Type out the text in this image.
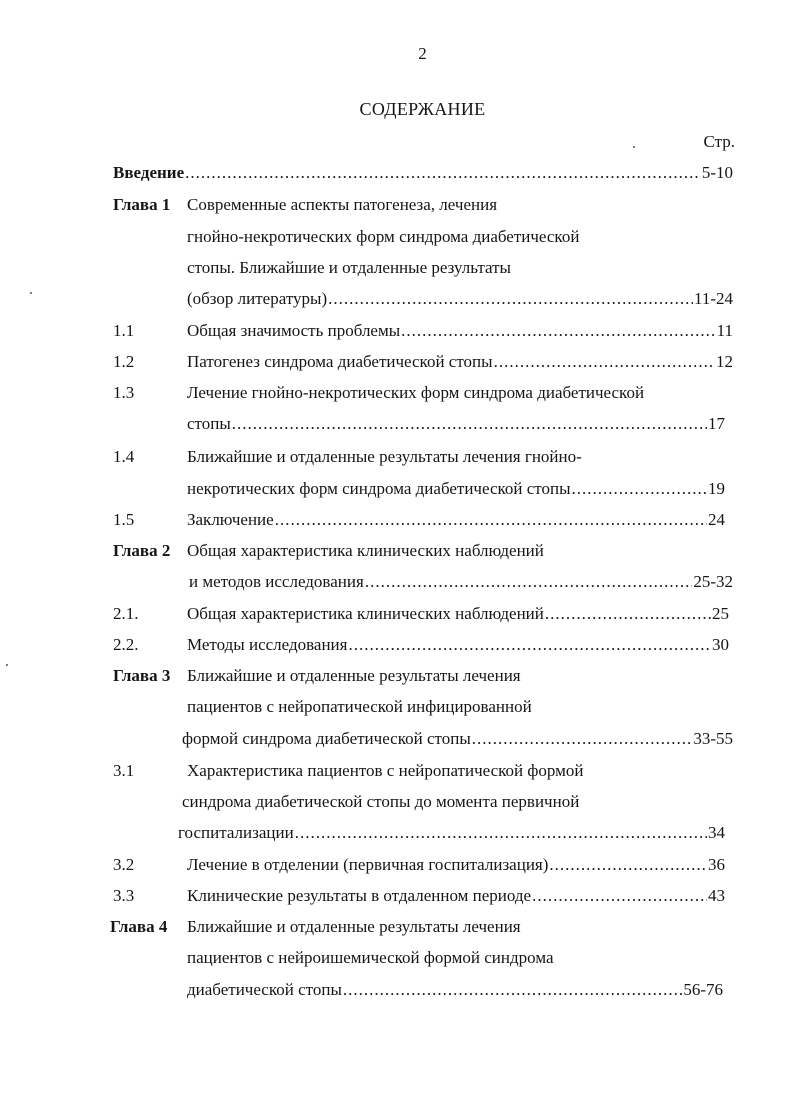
2
СОДЕРЖАНИЕ
Стр.
Введение .....	5-10
Глава 1 Современные аспекты патогенеза, лечения
гнойно-некротических форм синдрома диабетической
стопы. Ближайшие и отдаленные результаты
(обзор литературы) .....	11-24
1.1	Общая значимость проблемы .....	11
1.2	Патогенез синдрома диабетической стопы .....	12
1.3	Лечение гнойно-некротических форм синдрома диабетической
стопы .....	17
1.4	Ближайшие и отдаленные результаты лечения гнойно-
некротических форм синдрома диабетической стопы .....	19
1.5	Заключение .....	24
Глава 2 Общая характеристика клинических наблюдений
и методов исследования .....	25-32
2.1.	Общая характеристика клинических наблюдений .....	25
2.2.	Методы исследования .....	30
Глава 3 Ближайшие и отдаленные результаты лечения
пациентов с нейропатической инфицированной
формой синдрома диабетической стопы .....	33-55
3.1	Характеристика пациентов с нейропатической формой
синдрома диабетической стопы до момента первичной
госпитализации .....	34
3.2	Лечение в отделении (первичная госпитализация) .....	36
3.3	Клинические результаты в отдаленном периоде .....	43
Глава 4 Ближайшие и отдаленные результаты лечения
пациентов с нейроишемической формой синдрома
диабетической стопы .....	56-76
